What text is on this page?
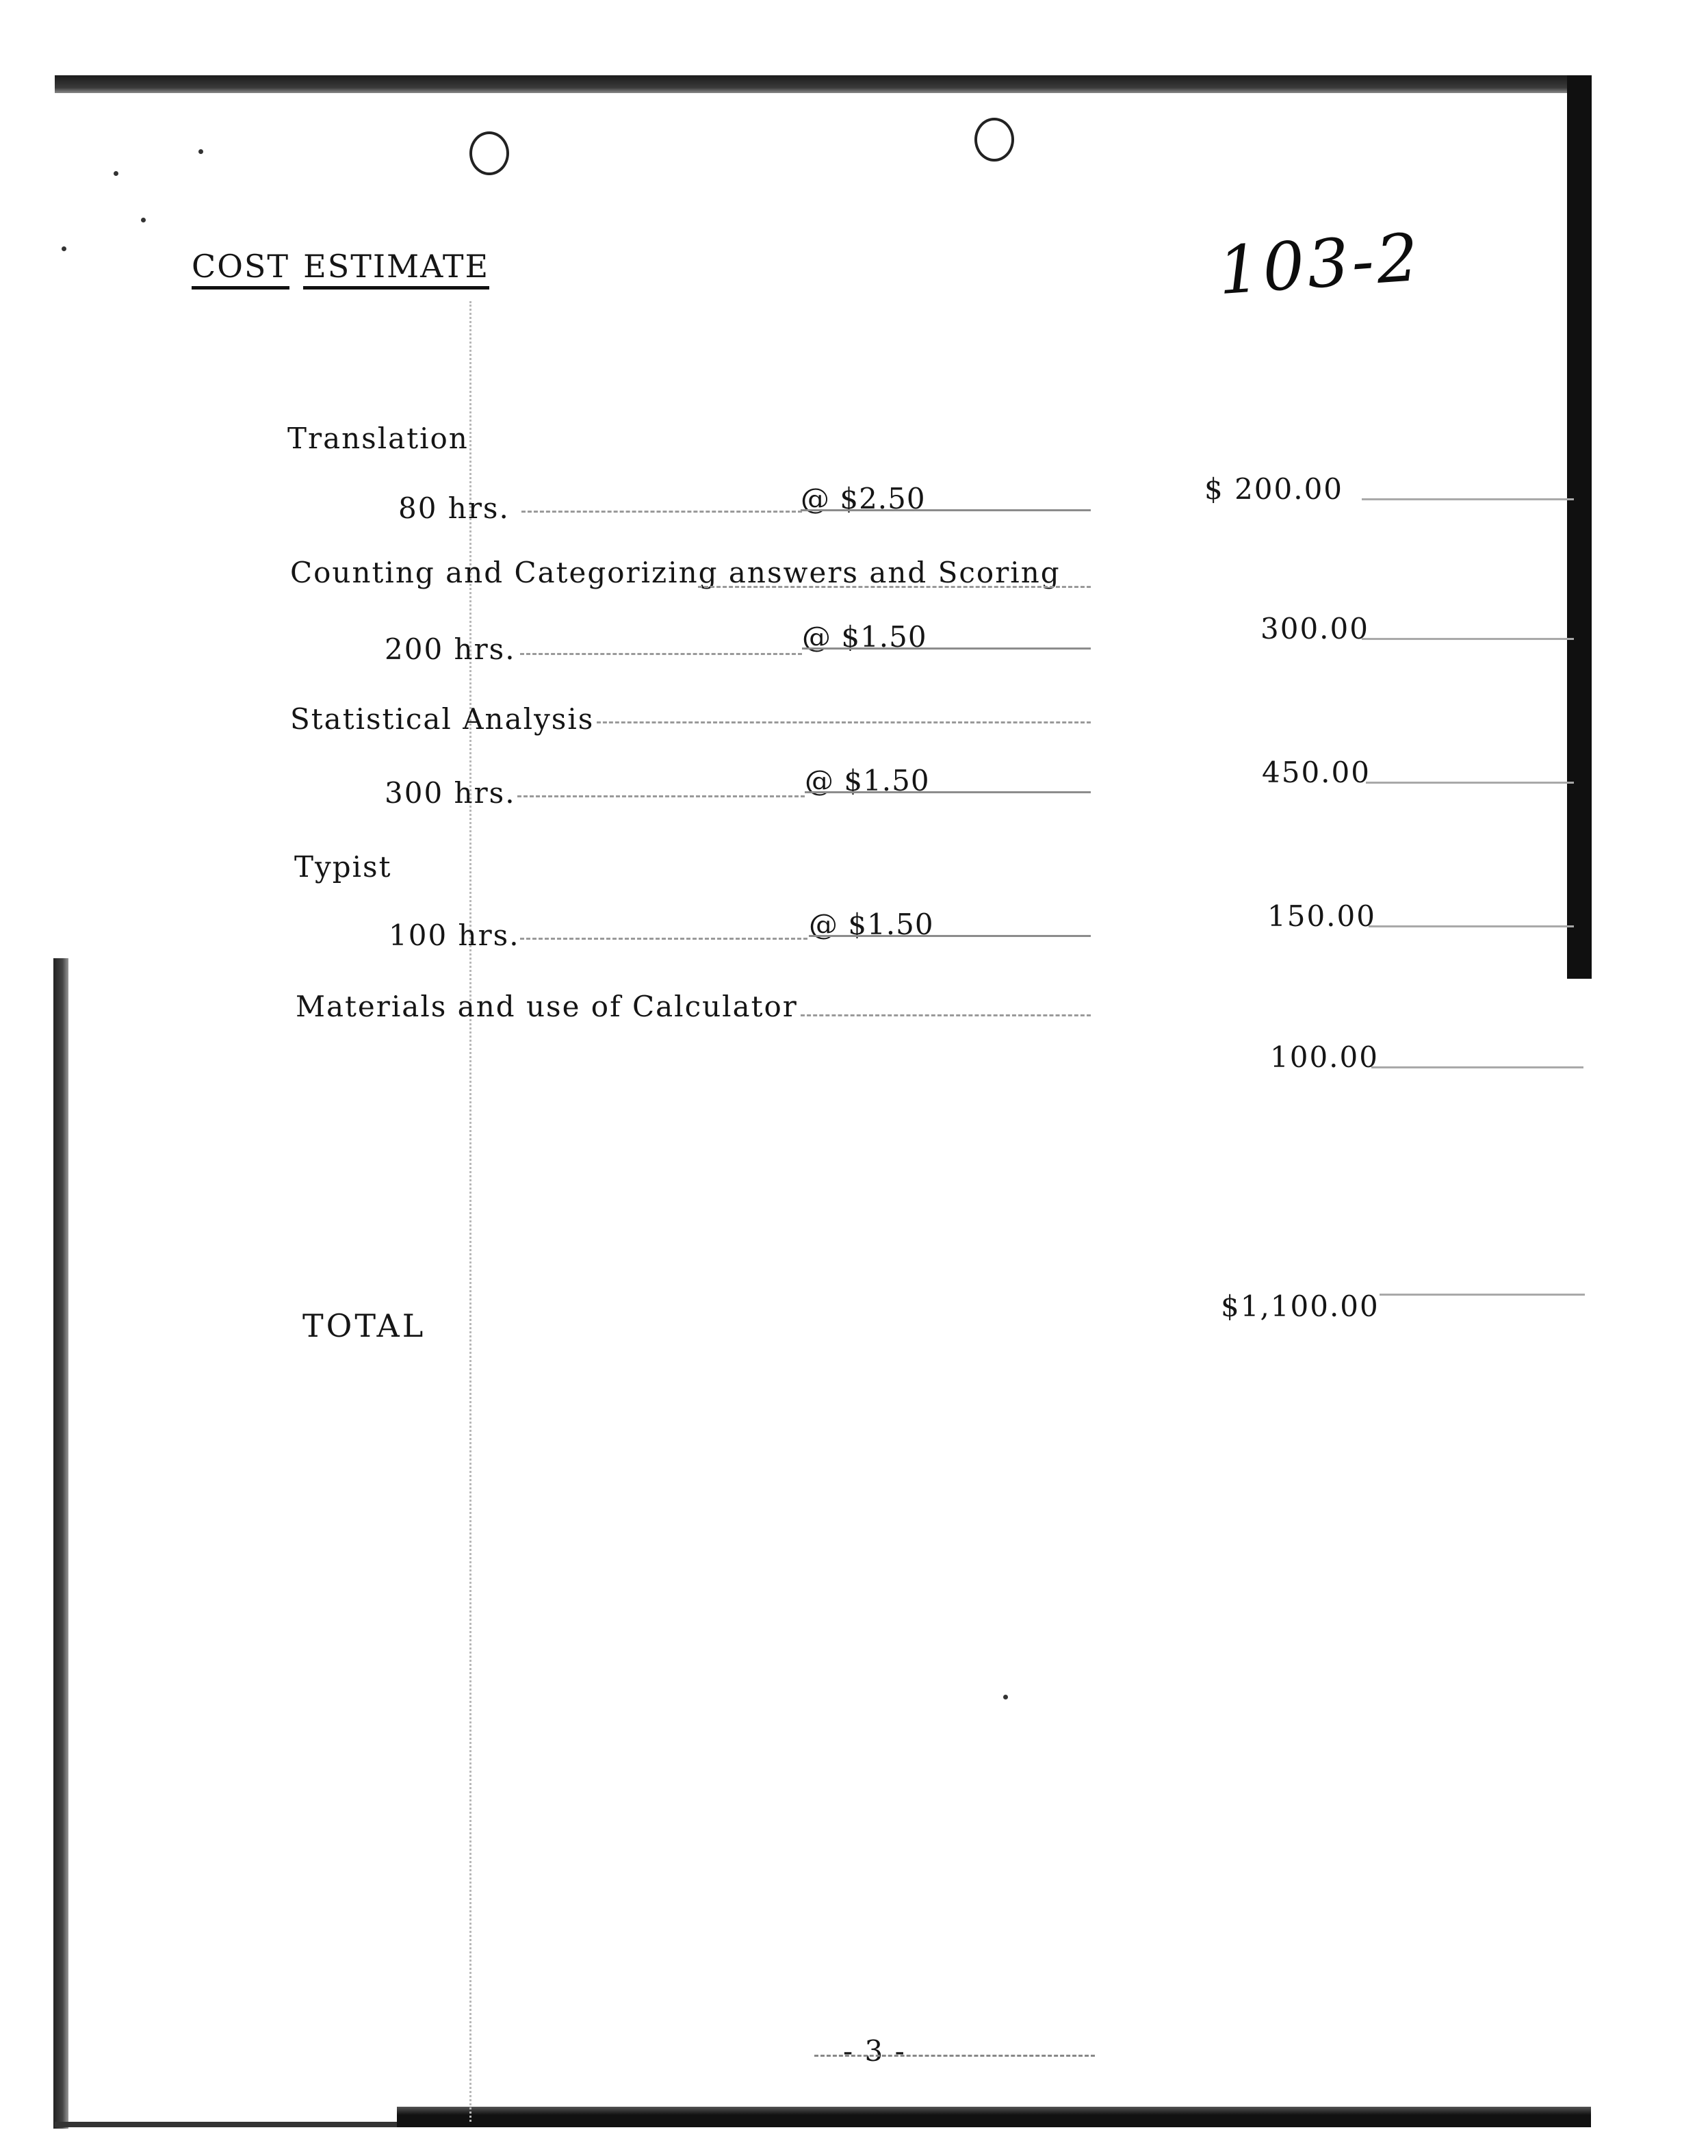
COST ESTIMATE	103-2
Translation
80 hrs.	@ $2.50	$ 200.00
Counting and Categorizing answers and Scoring
200 hrs.	@ $1.50	300.00
Statistical Analysis
300 hrs.	@ $1.50	450.00
Typist
100 hrs.	@ $1.50	150.00
Materials and use of Calculator
100.00
TOTAL
$1,100.00
- 3 -
